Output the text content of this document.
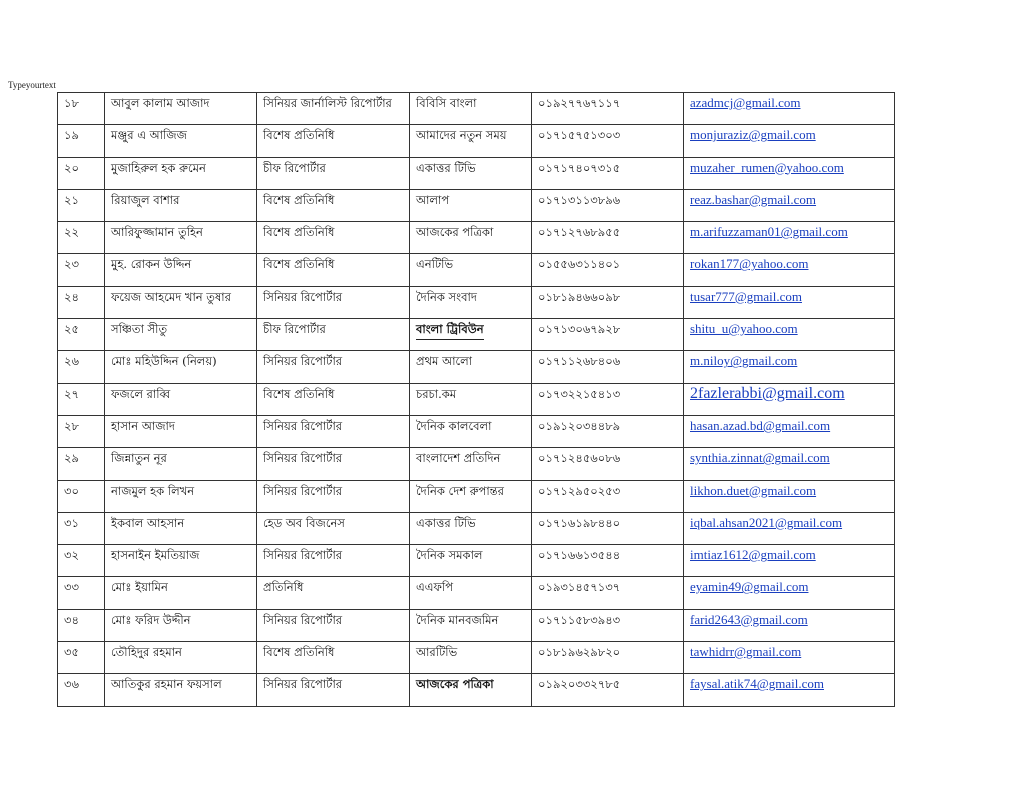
Typeyourtext
১৮	আবুল কালাম আজাদ	সিনিয়র জার্নালিস্ট রিপোর্টার	বিবিসি বাংলা	০১৯২৭৭৬৭১১৭	azadmcj@gmail.com
১৯	মঞ্জুর এ আজিজ	বিশেষ প্রতিনিধি	আমাদের নতুন সময়	০১৭১৫৭৫১৩০৩	monjuraziz@gmail.com
২০	মুজাহিরুল হক রুমেন	চীফ রিপোর্টার	একাত্তর টিভি	০১৭১৭৪০৭৩১৫	muzaher_rumen@yahoo.com
২১	রিয়াজুল বাশার	বিশেষ প্রতিনিধি	আলাপ	০১৭১৩১১৩৮৯৬	reaz.bashar@gmail.com
২২	আরিফুজ্জামান তুহিন	বিশেষ প্রতিনিধি	আজকের পত্রিকা	০১৭১২৭৬৮৯৫৫	m.arifuzzaman01@gmail.com
২৩	মুহ. রোকন উদ্দিন	বিশেষ প্রতিনিধি	এনটিভি	০১৫৫৬৩১১৪০১	rokan177@yahoo.com
২৪	ফয়েজ আহমেদ খান তুষার	সিনিয়র রিপোর্টার	দৈনিক সংবাদ	০১৮১৯৪৬৬০৯৮	tusar777@gmail.com
২৫	সঞ্চিতা সীতু	চীফ রিপোর্টার	বাংলা ট্রিবিউন	০১৭১৩০৬৭৯২৮	shitu_u@yahoo.com
২৬	মোঃ মহিউদ্দিন (নিলয়)	সিনিয়র রিপোর্টার	প্রথম আলো	০১৭১১২৬৮৪০৬	m.niloy@gmail.com
২৭	ফজলে রাব্বি	বিশেষ প্রতিনিধি	চরচা.কম	০১৭৩২২১৫৪১৩	2fazlerabbi@gmail.com
২৮	হাসান আজাদ	সিনিয়র রিপোর্টার	দৈনিক কালবেলা	০১৯১২০৩৪৪৮৯	hasan.azad.bd@gmail.com
২৯	জিন্নাতুন নূর	সিনিয়র রিপোর্টার	বাংলাদেশ প্রতিদিন	০১৭১২৪৫৬০৮৬	synthia.zinnat@gmail.com
৩০	নাজমুল হক লিখন	সিনিয়র রিপোর্টার	দৈনিক দেশ রুপান্তর	০১৭১২৯৫০২৫৩	likhon.duet@gmail.com
৩১	ইকবাল আহসান	হেড অব বিজনেস	একাত্তর টিভি	০১৭১৬১৯৮৪৪০	iqbal.ahsan2021@gmail.com
৩২	হাসনাইন ইমতিয়াজ	সিনিয়র রিপোর্টার	দৈনিক সমকাল	০১৭১৬৬১৩৫৪৪	imtiaz1612@gmail.com
৩৩	মোঃ ইয়ামিন	প্রতিনিধি	এএফপি	০১৯৩১৪৫৭১৩৭	eyamin49@gmail.com
৩৪	মোঃ ফরিদ উদ্দীন	সিনিয়র রিপোর্টার	দৈনিক মানবজমিন	০১৭১১৫৮৩৯৪৩	farid2643@gmail.com
৩৫	তৌহিদুর রহমান	বিশেষ প্রতিনিধি	আরটিভি	০১৮১৯৬২৯৮২০	tawhidrr@gmail.com
৩৬	আতিকুর রহমান ফয়সাল	সিনিয়র রিপোর্টার	আজকের পত্রিকা	০১৯২০৩৩২৭৮৫	faysal.atik74@gmail.com
